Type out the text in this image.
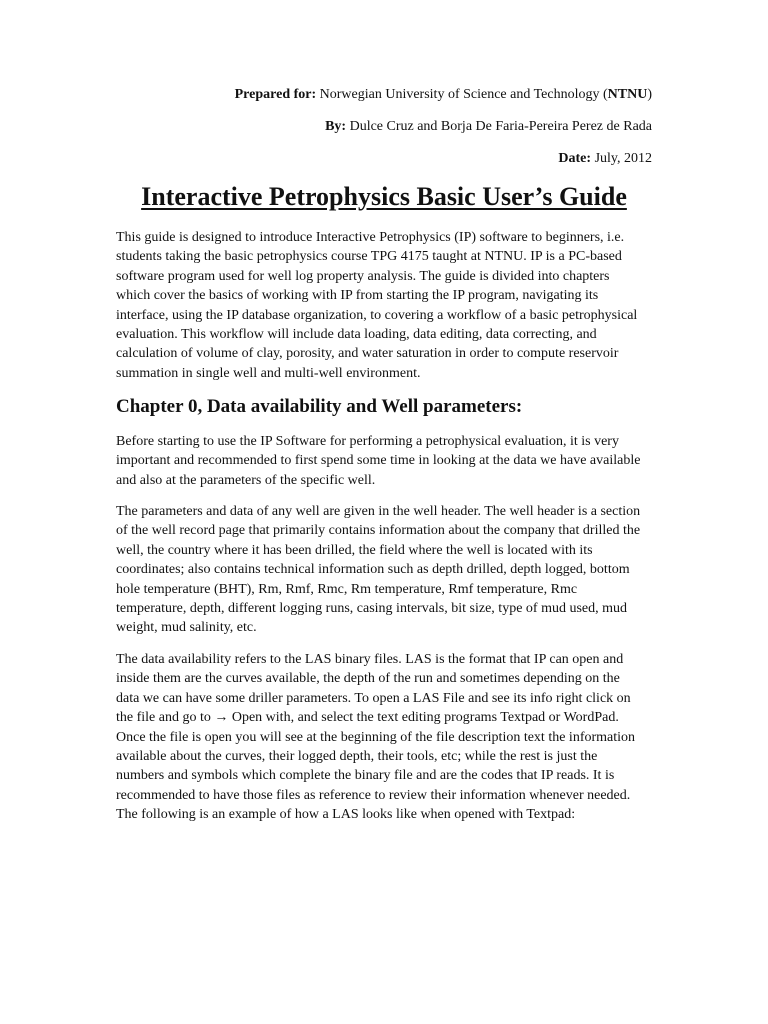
Prepared for: Norwegian University of Science and Technology (NTNU)
By: Dulce Cruz and Borja De Faria-Pereira Perez de Rada
Date: July, 2012
Interactive Petrophysics Basic User’s Guide

This guide is designed to introduce Interactive Petrophysics (IP) software to beginners, i.e.
students taking the basic petrophysics course TPG 4175 taught at NTNU. IP is a PC-based
software program used for well log property analysis. The guide is divided into chapters
which cover the basics of working with IP from starting the IP program, navigating its
interface, using the IP database organization, to covering a workflow of a basic petrophysical
evaluation. This workflow will include data loading, data editing, data correcting, and
calculation of volume of clay, porosity, and water saturation in order to compute reservoir
summation in single well and multi-well environment.

Chapter 0, Data availability and Well parameters:

Before starting to use the IP Software for performing a petrophysical evaluation, it is very
important and recommended to first spend some time in looking at the data we have available
and also at the parameters of the specific well.

The parameters and data of any well are given in the well header. The well header is a section
of the well record page that primarily contains information about the company that drilled the
well, the country where it has been drilled, the field where the well is located with its
coordinates; also contains technical information such as depth drilled, depth logged, bottom
hole temperature (BHT), Rm, Rmf, Rmc, Rm temperature, Rmf temperature, Rmc
temperature, depth, different logging runs, casing intervals, bit size, type of mud used, mud
weight, mud salinity, etc.

The data availability refers to the LAS binary files. LAS is the format that IP can open and
inside them are the curves available, the depth of the run and sometimes depending on the
data we can have some driller parameters. To open a LAS File and see its info right click on
the file and go to → Open with, and select the text editing programs Textpad or WordPad.
Once the file is open you will see at the beginning of the file description text the information
available about the curves, their logged depth, their tools, etc; while the rest is just the
numbers and symbols which complete the binary file and are the codes that IP reads. It is
recommended to have those files as reference to review their information whenever needed.
The following is an example of how a LAS looks like when opened with Textpad:
